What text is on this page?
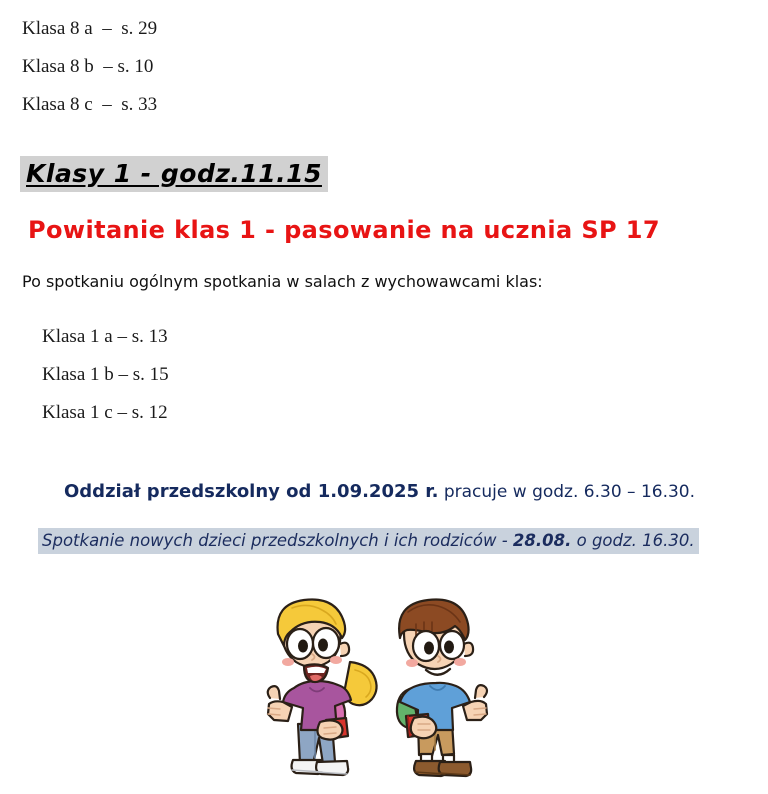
Klasa 8 a  –  s. 29
Klasa 8 b  – s. 10
Klasa 8 c  –  s. 33
Klasy 1 - godz.11.15
Powitanie klas 1 - pasowanie na ucznia SP 17
Po spotkaniu ogólnym spotkania w salach z wychowawcami klas:
Klasa 1 a – s. 13
Klasa 1 b – s. 15
Klasa 1 c – s. 12
Oddział przedszkolny od 1.09.2025 r. pracuje w godz. 6.30 – 16.30.
Spotkanie nowych dzieci przedszkolnych i ich rodziców - 28.08. o godz. 16.30.
